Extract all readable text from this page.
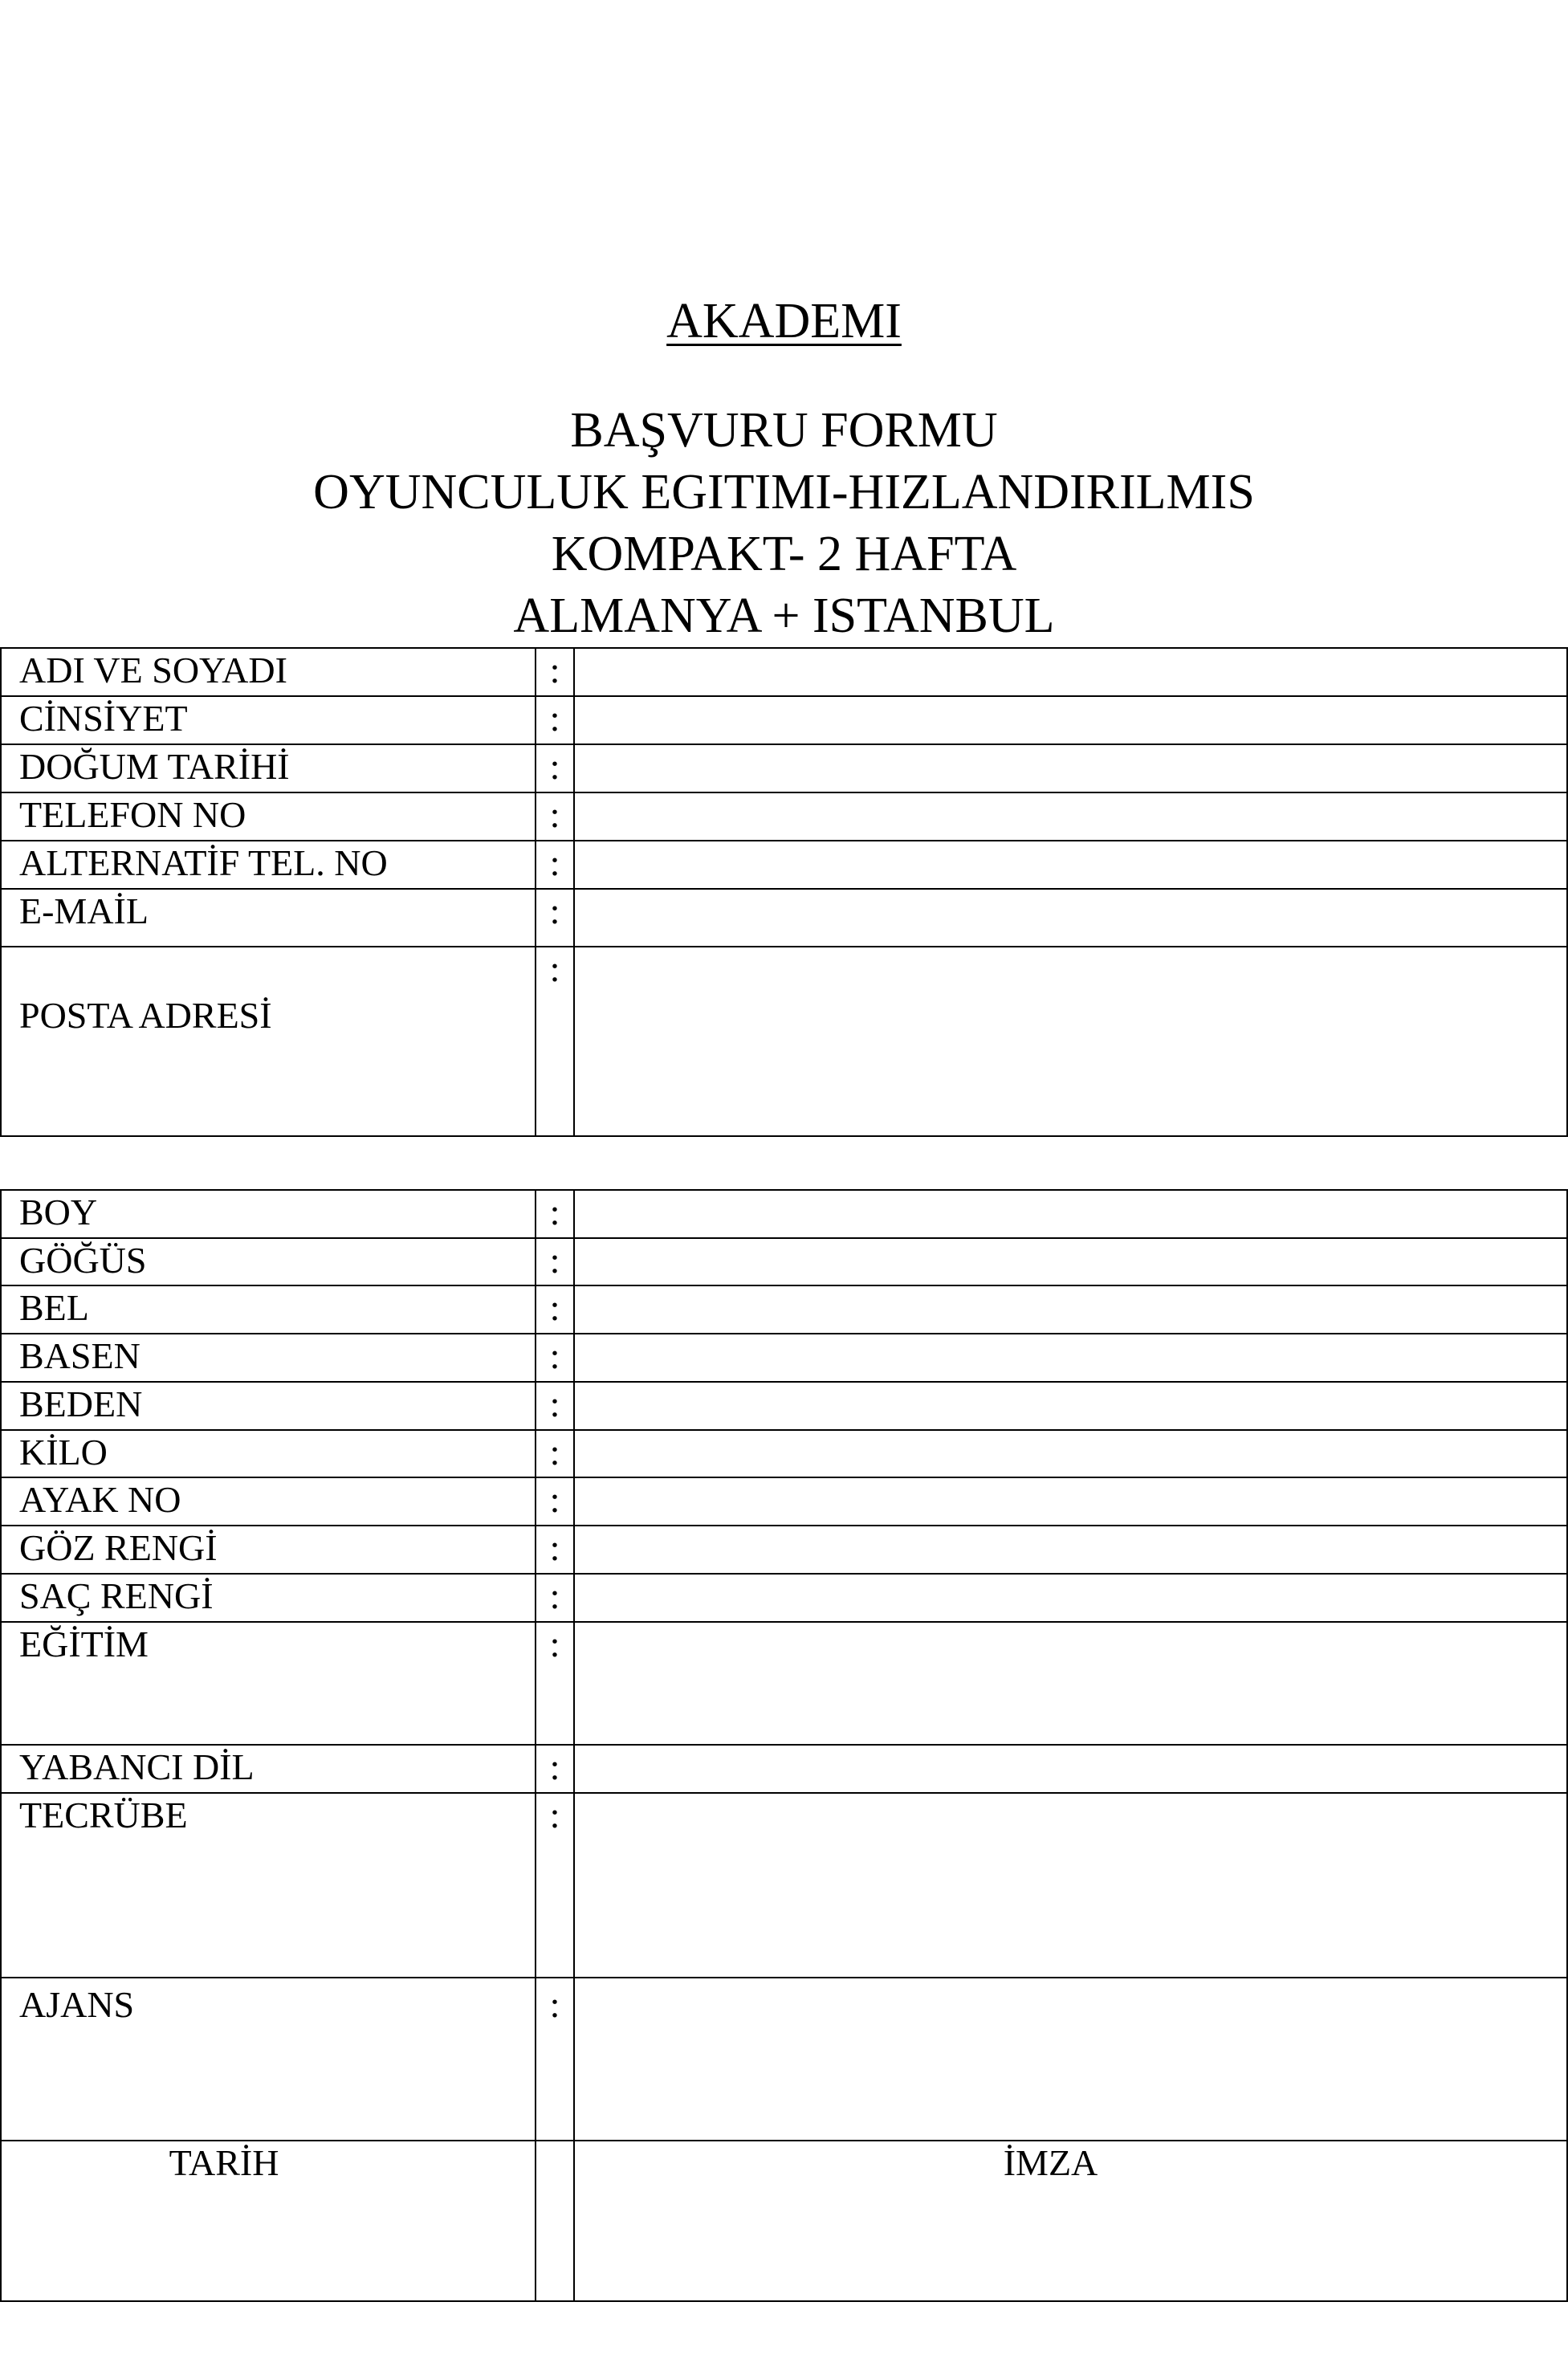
AKADEMI
BAŞVURU FORMU
OYUNCULUK EGITIMI-HIZLANDIRILMIS
KOMPAKT- 2 HAFTA
ALMANYA + ISTANBUL
ADI VE SOYADI	:	
CİNSİYET	:	
DOĞUM TARİHİ	:	
TELEFON NO	:	
ALTERNATİF TEL. NO	:	
E-MAİL	:	
POSTA ADRESİ	:	
BOY	:	
GÖĞÜS	:	
BEL	:	
BASEN	:	
BEDEN	:	
KİLO	:	
AYAK NO	:	
GÖZ RENGİ	:	
SAÇ RENGİ	:	
EĞİTİM	:	
YABANCI DİL	:	
TECRÜBE	:	
AJANS	:	
TARİH		İMZA
